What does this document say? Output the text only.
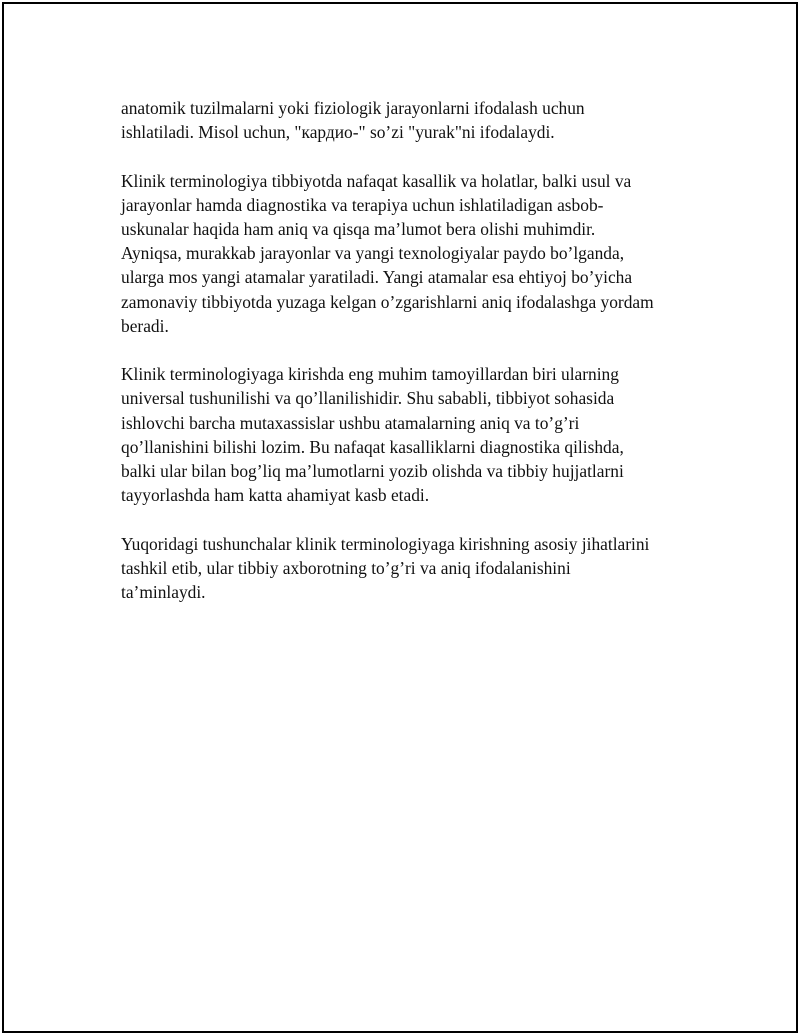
anatomik tuzilmalarni yoki fiziologik jarayonlarni ifodalash uchun
ishlatiladi. Misol uchun, "кардио-" so’zi "yurak"ni ifodalaydi.

Klinik terminologiya tibbiyotda nafaqat kasallik va holatlar, balki usul va
jarayonlar hamda diagnostika va terapiya uchun ishlatiladigan asbob-
uskunalar haqida ham aniq va qisqa ma’lumot bera olishi muhimdir.
Ayniqsa, murakkab jarayonlar va yangi texnologiyalar paydo bo’lganda,
ularga mos yangi atamalar yaratiladi. Yangi atamalar esa ehtiyoj bo’yicha
zamonaviy tibbiyotda yuzaga kelgan o’zgarishlarni aniq ifodalashga yordam
beradi.

Klinik terminologiyaga kirishda eng muhim tamoyillardan biri ularning
universal tushunilishi va qo’llanilishidir. Shu sababli, tibbiyot sohasida
ishlovchi barcha mutaxassislar ushbu atamalarning aniq va to’g’ri
qo’llanishini bilishi lozim. Bu nafaqat kasalliklarni diagnostika qilishda,
balki ular bilan bog’liq ma’lumotlarni yozib olishda va tibbiy hujjatlarni
tayyorlashda ham katta ahamiyat kasb etadi.

Yuqoridagi tushunchalar klinik terminologiyaga kirishning asosiy jihatlarini
tashkil etib, ular tibbiy axborotning to’g’ri va aniq ifodalanishini
ta’minlaydi.
